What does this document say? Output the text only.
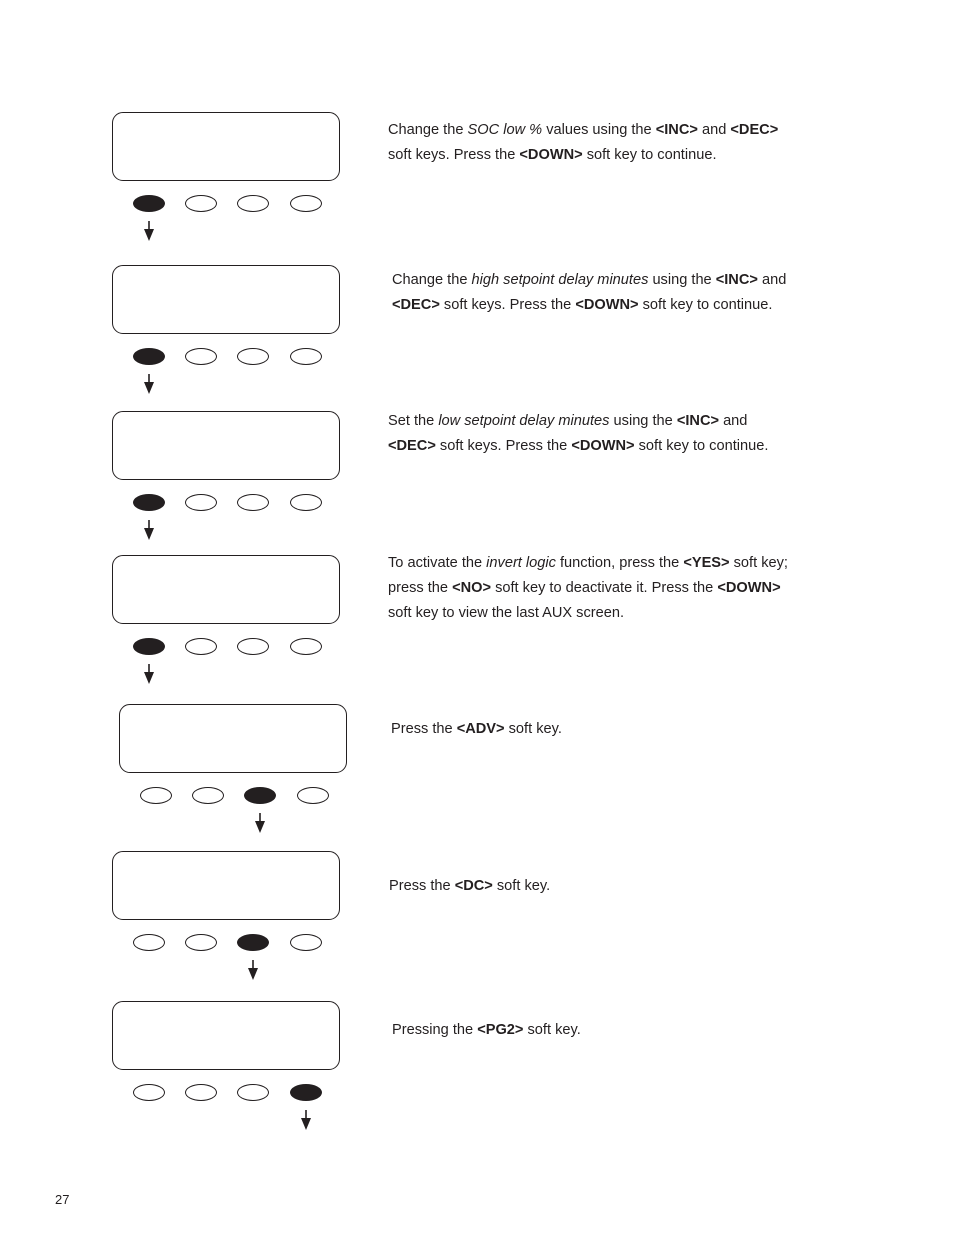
Change the SOC low % values using the <INC> and <DEC>
soft keys. Press the <DOWN> soft key to continue.
Change the high setpoint delay minutes using the <INC> and
<DEC> soft keys. Press the <DOWN> soft key to continue.
Set the low setpoint delay minutes using the <INC> and
<DEC> soft keys. Press the <DOWN> soft key to continue.
To activate the invert logic function, press the <YES> soft key;
press the <NO> soft key to deactivate it. Press the <DOWN>
soft key to view the last AUX screen.
Press the <ADV> soft key.
Press the <DC> soft key.
Pressing the <PG2> soft key.
27
